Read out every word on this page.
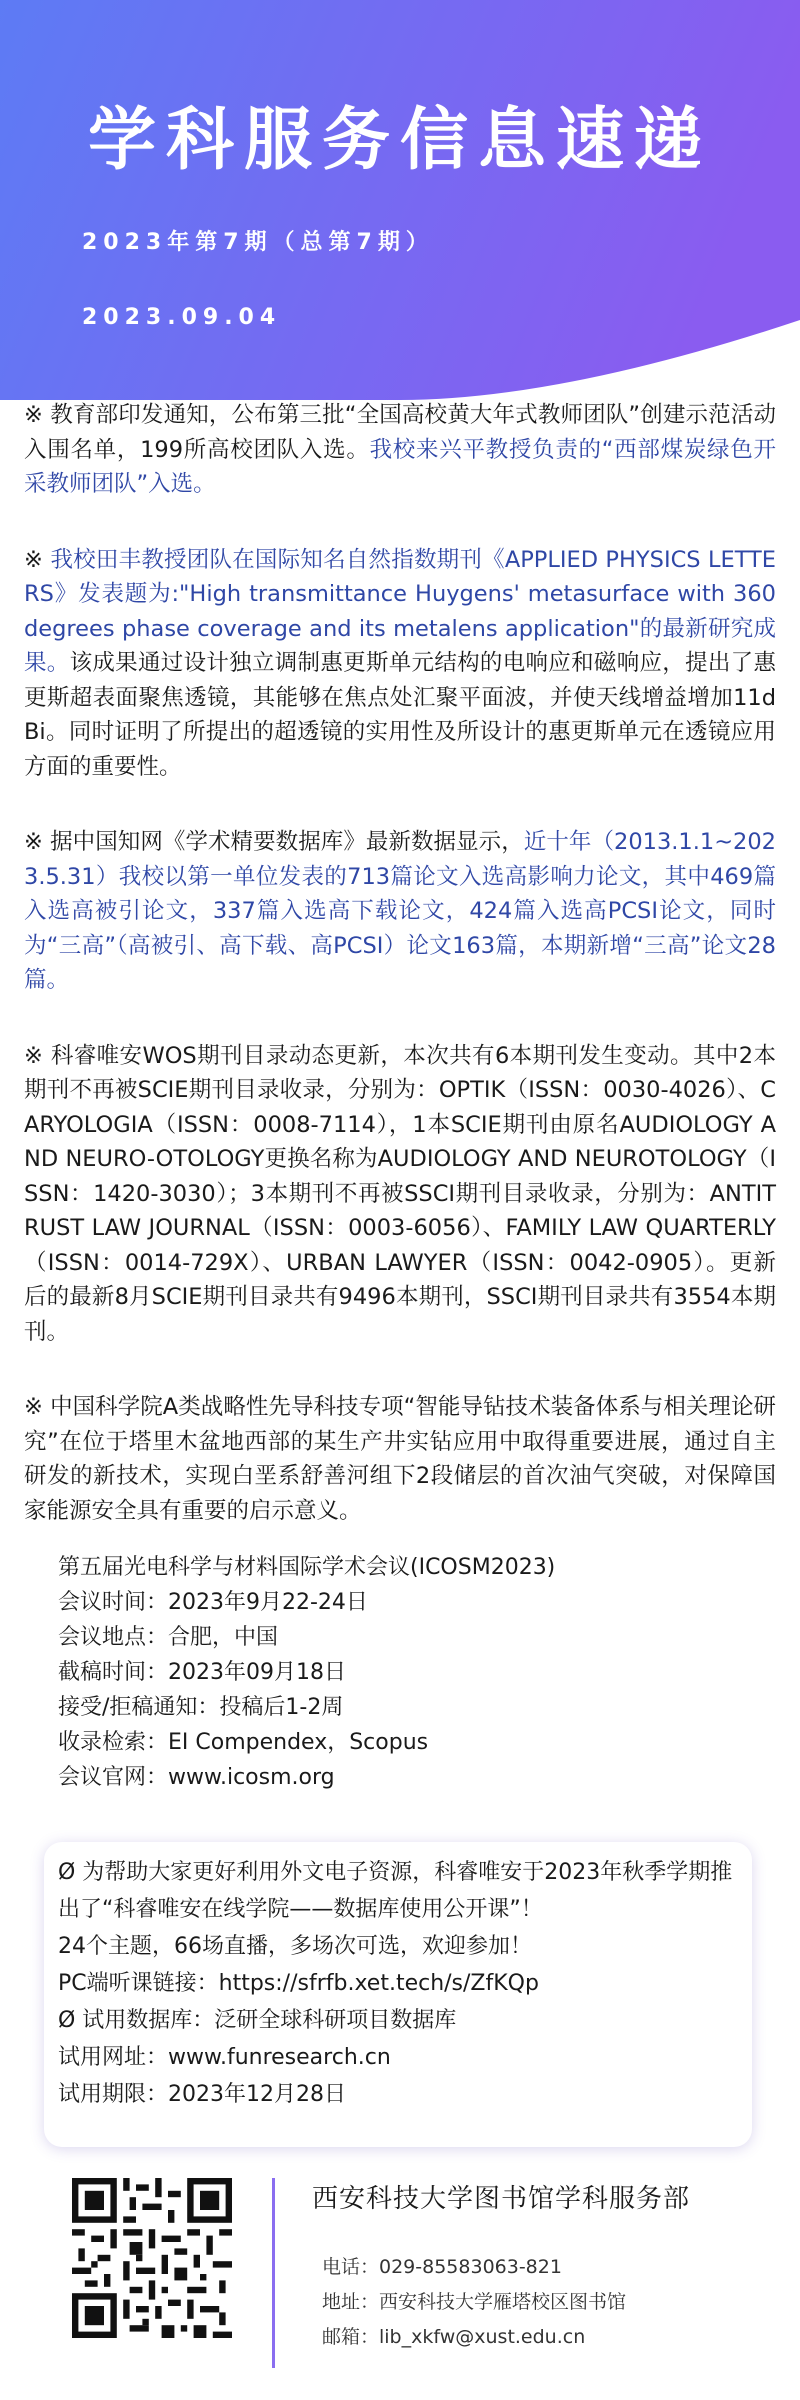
学科服务信息速递
2023年第7期（总第7期）
2023.09.04

※ 教育部印发通知，公布第三批“全国高校黄大年式教师团队”创建示范活动入围名单，199所高校团队入选。我校来兴平教授负责的“西部煤炭绿色开采教师团队”入选。

※ 我校田丰教授团队在国际知名自然指数期刊《APPLIED PHYSICS LETTERS》发表题为:"High transmittance Huygens' metasurface with 360 degrees phase coverage and its metalens application"的最新研究成果。该成果通过设计独立调制惠更斯单元结构的电响应和磁响应，提出了惠更斯超表面聚焦透镜，其能够在焦点处汇聚平面波，并使天线增益增加11dBi。同时证明了所提出的超透镜的实用性及所设计的惠更斯单元在透镜应用方面的重要性。

※ 据中国知网《学术精要数据库》最新数据显示，近十年（2013.1.1~2023.5.31）我校以第一单位发表的713篇论文入选高影响力论文，其中469篇入选高被引论文，337篇入选高下载论文，424篇入选高PCSI论文，同时为“三高”（高被引、高下载、高PCSI）论文163篇，本期新增“三高”论文28篇。

※ 科睿唯安WOS期刊目录动态更新，本次共有6本期刊发生变动。其中2本期刊不再被SCIE期刊目录收录，分别为：OPTIK（ISSN：0030-4026）、CARYOLOGIA（ISSN：0008-7114），1本SCIE期刊由原名AUDIOLOGY AND NEURO-OTOLOGY更换名称为AUDIOLOGY AND NEUROTOLOGY（ISSN：1420-3030）；3本期刊不再被SSCI期刊目录收录，分别为：ANTITRUST LAW JOURNAL（ISSN：0003-6056）、FAMILY LAW QUARTERLY（ISSN：0014-729X）、URBAN LAWYER（ISSN：0042-0905）。更新后的最新8月SCIE期刊目录共有9496本期刊，SSCI期刊目录共有3554本期刊。

※ 中国科学院A类战略性先导科技专项“智能导钻技术装备体系与相关理论研究”在位于塔里木盆地西部的某生产井实钻应用中取得重要进展，通过自主研发的新技术，实现白垩系舒善河组下2段储层的首次油气突破，对保障国家能源安全具有重要的启示意义。

第五届光电科学与材料国际学术会议(ICOSM2023)
会议时间：2023年9月22-24日
会议地点：合肥，中国
截稿时间：2023年09月18日
接受/拒稿通知：投稿后1-2周
收录检索：EI Compendex，Scopus
会议官网：www.icosm.org
Ø 为帮助大家更好利用外文电子资源，科睿唯安于2023年秋季学期推出了“科睿唯安在线学院——数据库使用公开课”！
24个主题，66场直播，多场次可选，欢迎参加！
PC端听课链接：https://sfrfb.xet.tech/s/ZfKQp
Ø 试用数据库：泛研全球科研项目数据库
试用网址：www.funresearch.cn
试用期限：2023年12月28日
西安科技大学图书馆学科服务部
电话：029-85583063-821
地址：西安科技大学雁塔校区图书馆
邮箱：lib_xkfw@xust.edu.cn
